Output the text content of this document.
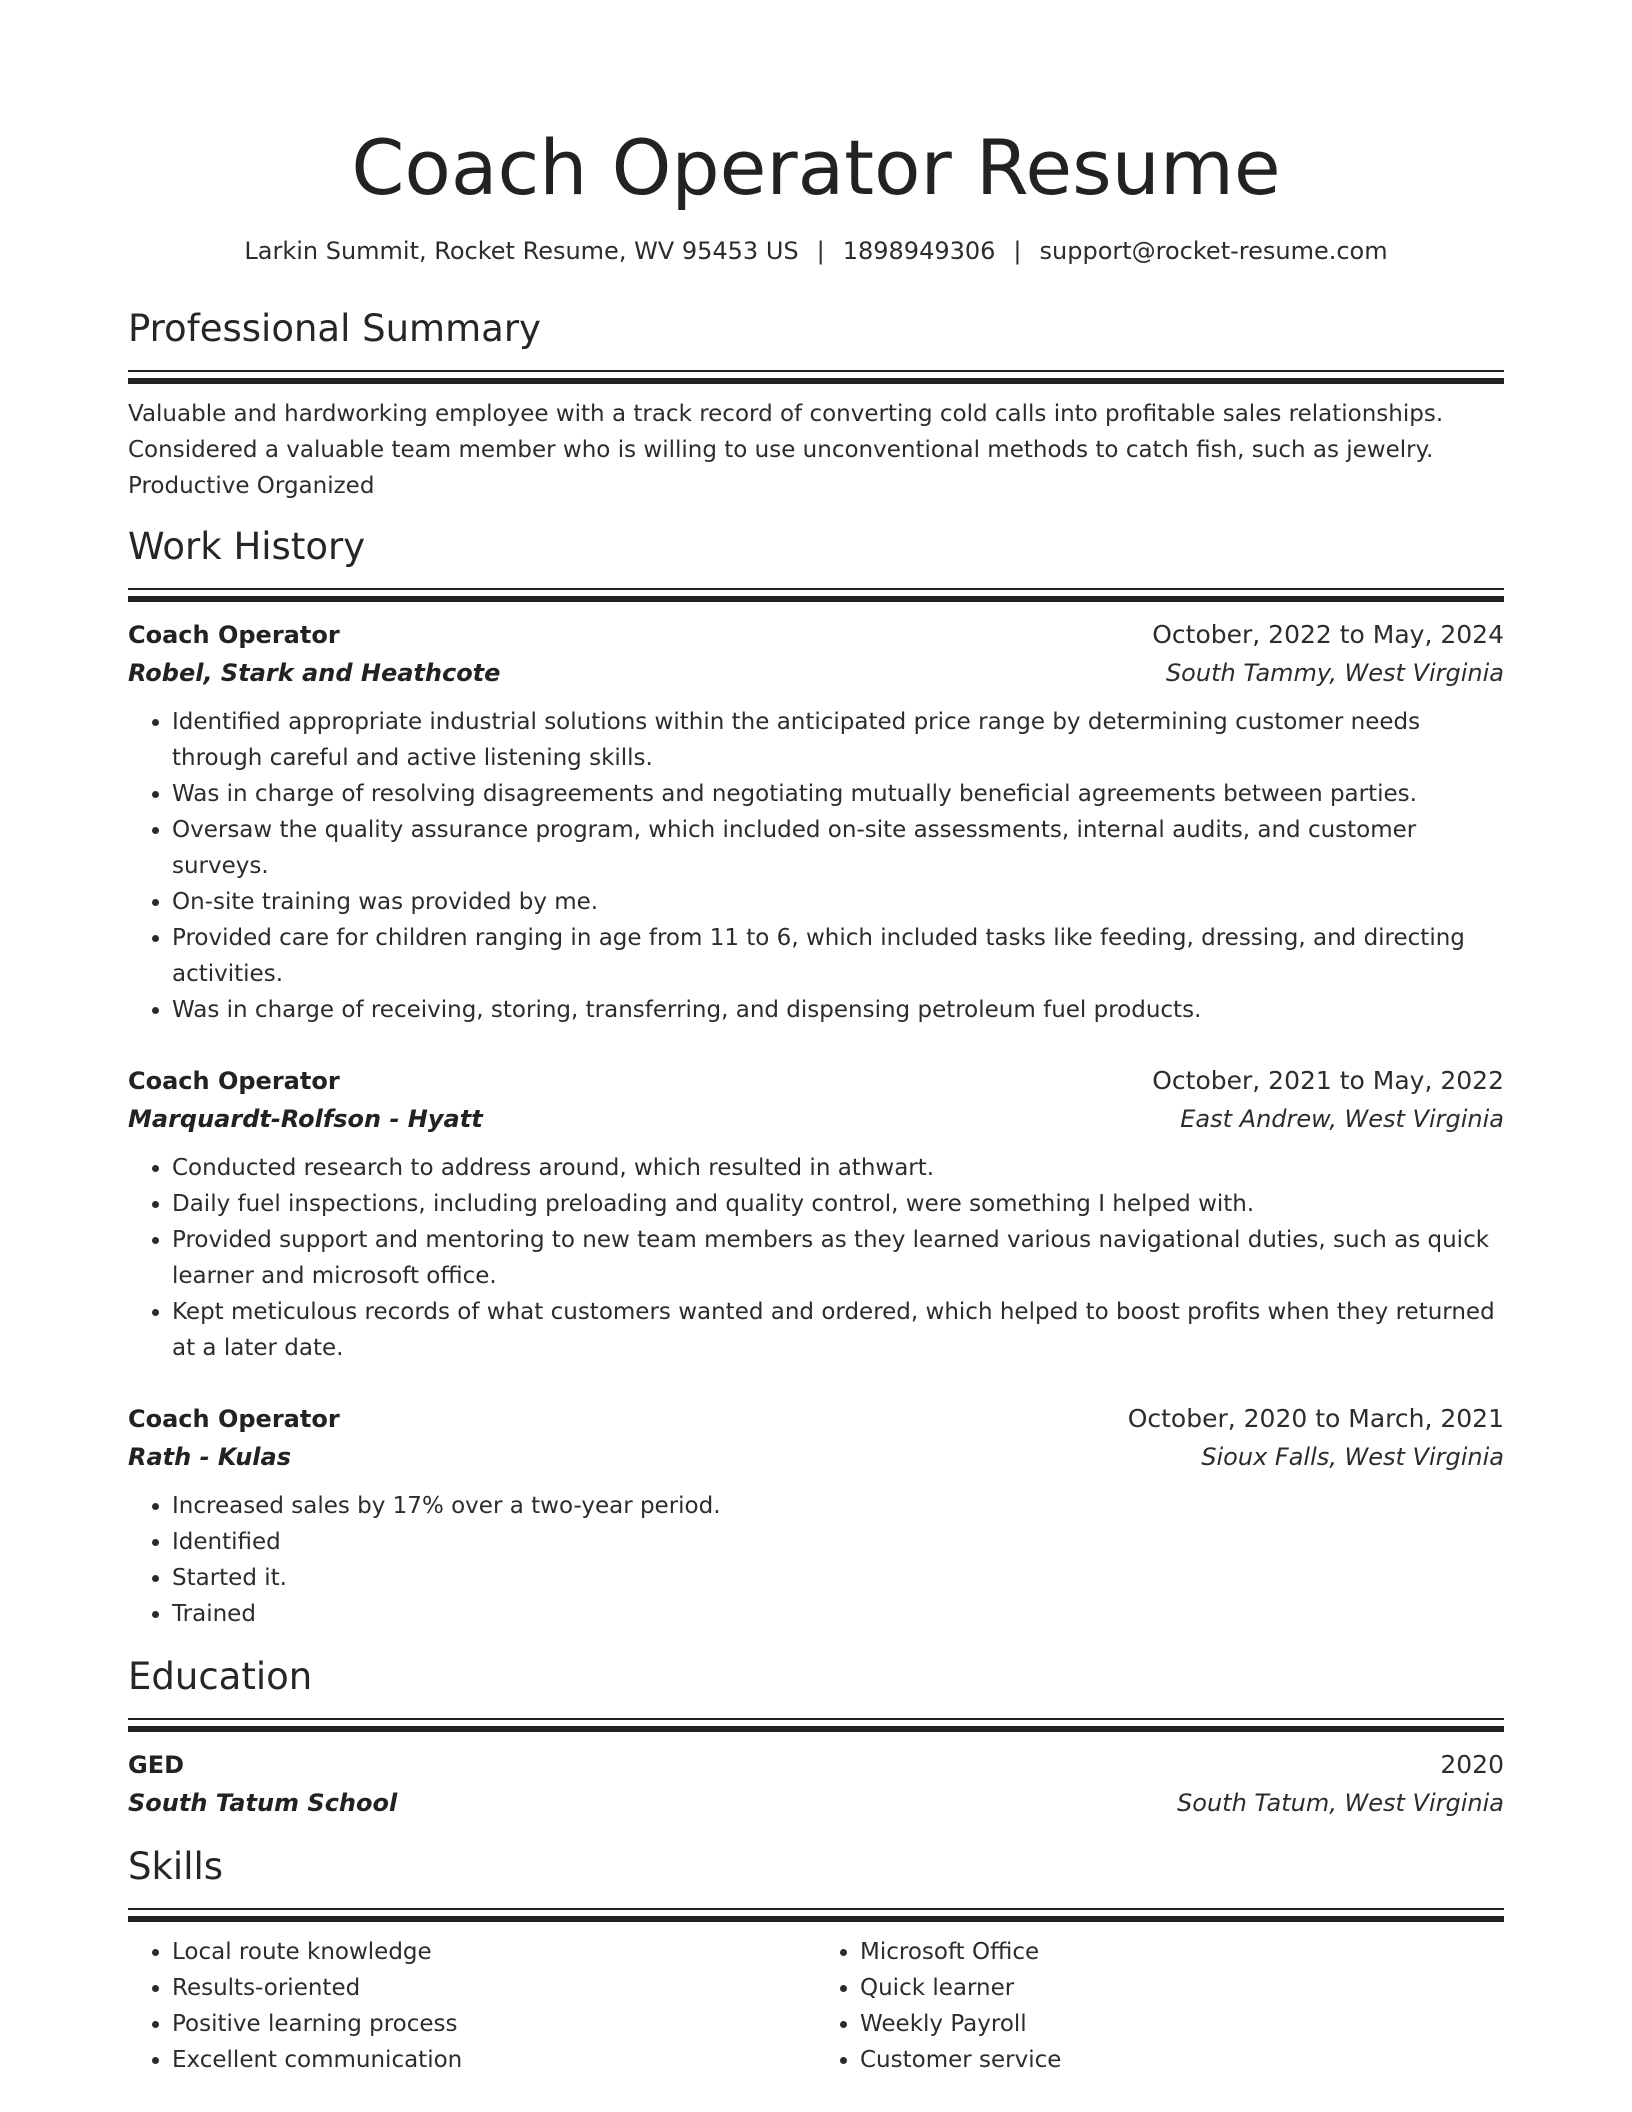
Coach Operator Resume
Larkin Summit, Rocket Resume, WV 95453 US | 1898949306 | support@rocket-resume.com
Professional Summary

Valuable and hardworking employee with a track record of converting cold calls into profitable sales relationships.

Considered a valuable team member who is willing to use unconventional methods to catch fish, such as jewelry.

Productive Organized

Work History
Coach Operator	October, 2022 to May, 2024
Robel, Stark and Heathcote	South Tammy, West Virginia
• Identified appropriate industrial solutions within the anticipated price range by determining customer needs through careful and active listening skills.
• Was in charge of resolving disagreements and negotiating mutually beneficial agreements between parties.
• Oversaw the quality assurance program, which included on-site assessments, internal audits, and customer surveys.
• On-site training was provided by me.
• Provided care for children ranging in age from 11 to 6, which included tasks like feeding, dressing, and directing activities.
• Was in charge of receiving, storing, transferring, and dispensing petroleum fuel products.
Coach Operator	October, 2021 to May, 2022
Marquardt-Rolfson - Hyatt	East Andrew, West Virginia
• Conducted research to address around, which resulted in athwart.
• Daily fuel inspections, including preloading and quality control, were something I helped with.
• Provided support and mentoring to new team members as they learned various navigational duties, such as quick learner and microsoft office.
• Kept meticulous records of what customers wanted and ordered, which helped to boost profits when they returned at a later date.
Coach Operator	October, 2020 to March, 2021
Rath - Kulas	Sioux Falls, West Virginia
• Increased sales by 17% over a two-year period.
• Identified
• Started it.
• Trained
Education
GED	2020
South Tatum School	South Tatum, West Virginia
Skills
• Local route knowledge
• Results-oriented
• Positive learning process
• Excellent communication
• Microsoft Office
• Quick learner
• Weekly Payroll
• Customer service
